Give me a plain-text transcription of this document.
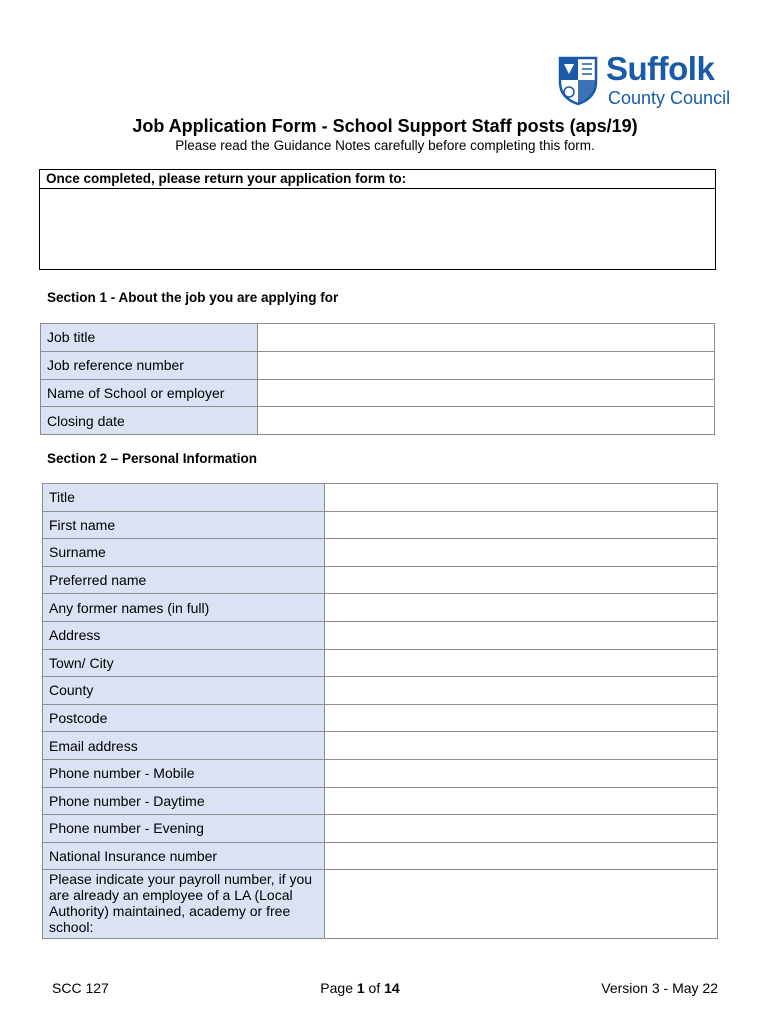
Suffolk
County Council
Job Application Form - School Support Staff posts (aps/19)
Please read the Guidance Notes carefully before completing this form.
Once completed, please return your application form to:
Section 1 - About the job you are applying for
Job title	
Job reference number	
Name of School or employer	
Closing date	
Section 2 – Personal Information
Title	
First name	
Surname	
Preferred name	
Any former names (in full)	
Address	
Town/ City	
County	
Postcode	
Email address	
Phone number - Mobile	
Phone number - Daytime	
Phone number - Evening	
National Insurance number	
Please indicate your payroll number, if you are already an employee of a LA (Local Authority) maintained, academy or free school:	
SCC 127	Page 1 of 14	Version 3 - May 22
